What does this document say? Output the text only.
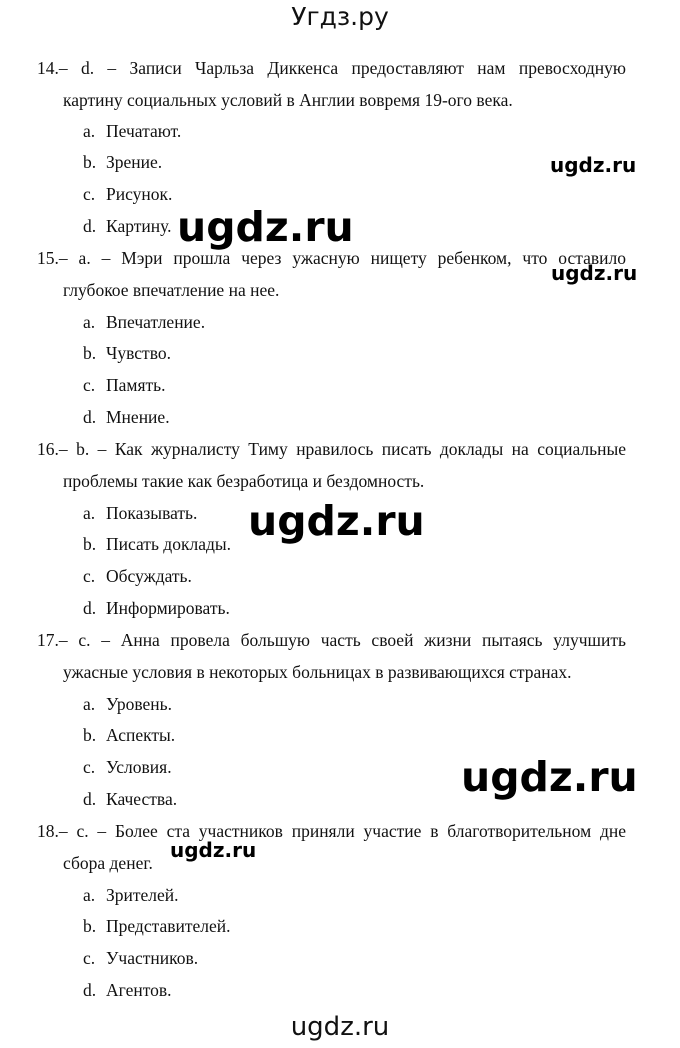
Угдз.ру
14.– d. – Записи Чарльза Диккенса предоставляют нам превосходную
картину социальных условий в Англии вовремя 19-ого века.
a. Печатают.
b. Зрение.
c. Рисунок.
d. Картину.
15.– a. – Мэри прошла через ужасную нищету ребенком, что оставило
глубокое впечатление на нее.
a. Впечатление.
b. Чувство.
c. Память.
d. Мнение.
16.– b. – Как журналисту Тиму нравилось писать доклады на социальные
проблемы такие как безработица и бездомность.
a. Показывать.
b. Писать доклады.
c. Обсуждать.
d. Информировать.
17.– c. – Анна провела большую часть своей жизни пытаясь улучшить
ужасные условия в некоторых больницах в развивающихся странах.
a. Уровень.
b. Аспекты.
c. Условия.
d. Качества.
18.– c. – Более ста участников приняли участие в благотворительном дне
сбора денег.
a. Зрителей.
b. Представителей.
c. Участников.
d. Агентов.
ugdz.ru
ugdz.ru
ugdz.ru
ugdz.ru
ugdz.ru
ugdz.ru
ugdz.ru
